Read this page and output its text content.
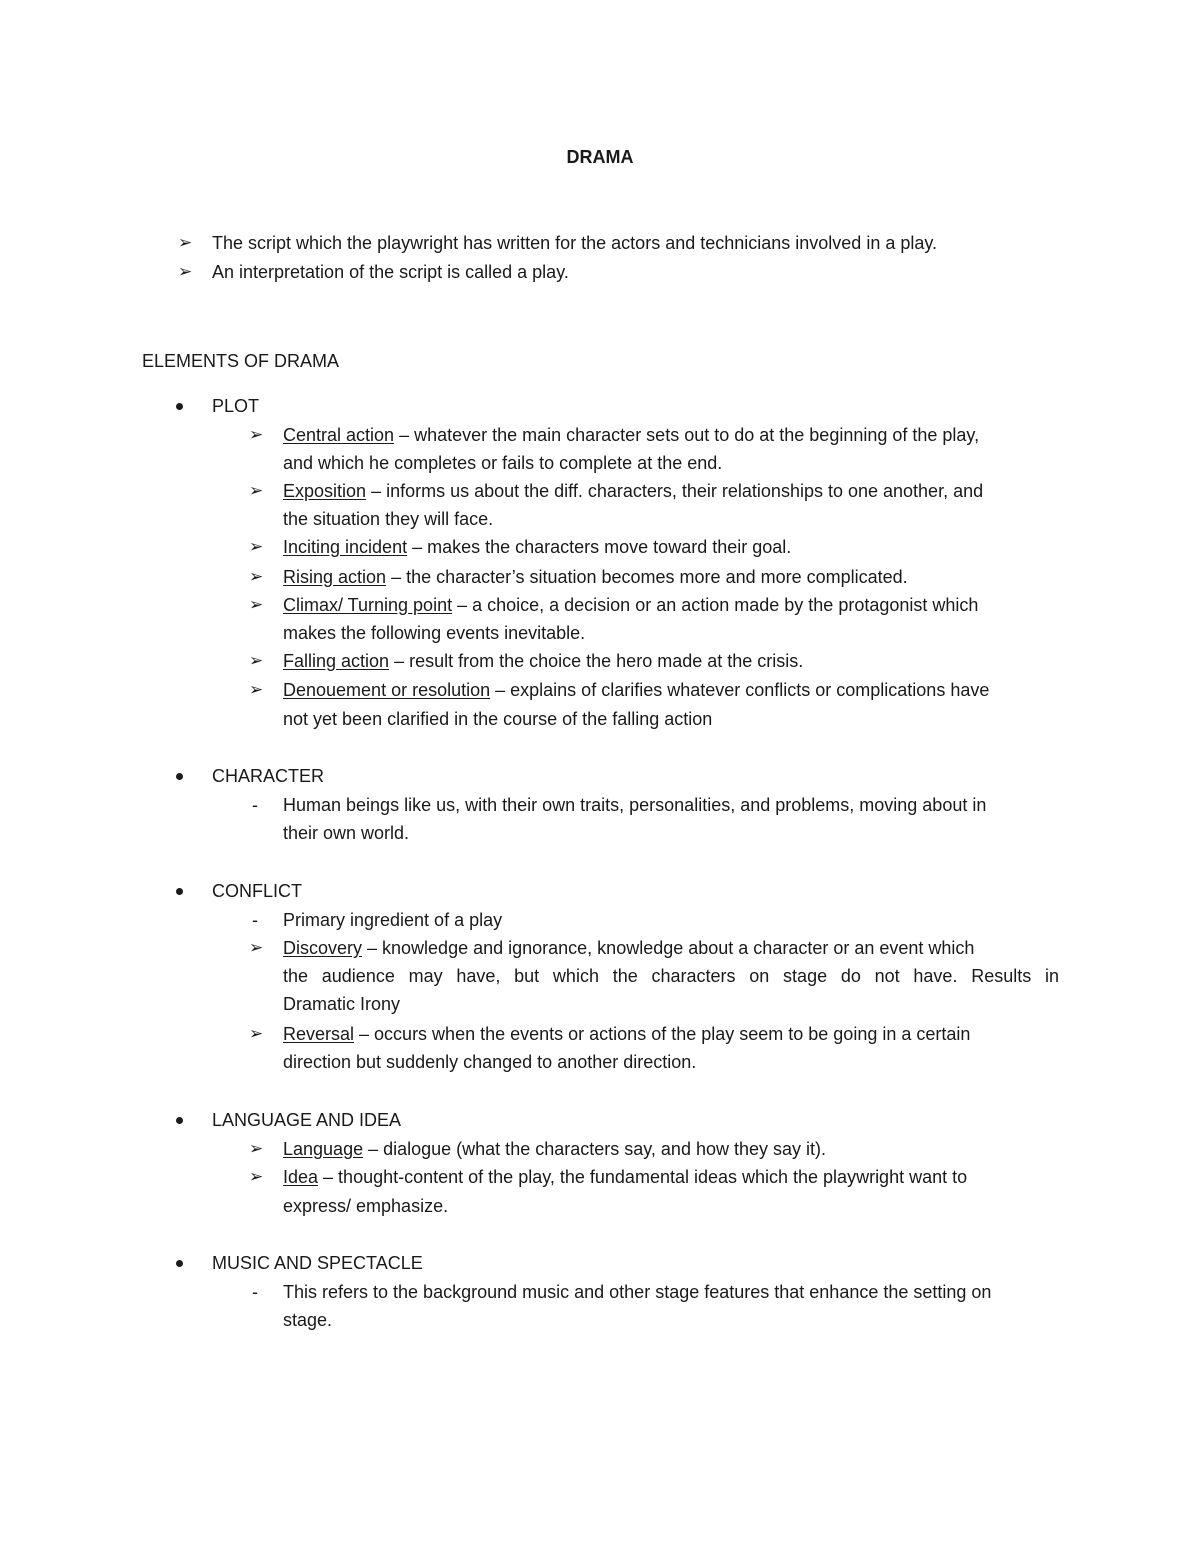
DRAMA
➢ The script which the playwright has written for the actors and technicians involved in a play.
➢ An interpretation of the script is called a play.
ELEMENTS OF DRAMA
PLOT
➢ Central action – whatever the main character sets out to do at the beginning of the play,
and which he completes or fails to complete at the end.
➢ Exposition – informs us about the diff. characters, their relationships to one another, and
the situation they will face.
➢ Inciting incident – makes the characters move toward their goal.
➢ Rising action – the character’s situation becomes more and more complicated.
➢ Climax/ Turning point – a choice, a decision or an action made by the protagonist which
makes the following events inevitable.
➢ Falling action – result from the choice the hero made at the crisis.
➢ Denouement or resolution – explains of clarifies whatever conflicts or complications have
not yet been clarified in the course of the falling action
CHARACTER
- Human beings like us, with their own traits, personalities, and problems, moving about in
their own world.
CONFLICT
- Primary ingredient of a play
➢ Discovery – knowledge and ignorance, knowledge about a character or an event which
the audience may have, but which the characters on stage do not have. Results in
Dramatic Irony
➢ Reversal – occurs when the events or actions of the play seem to be going in a certain
direction but suddenly changed to another direction.
LANGUAGE AND IDEA
➢ Language – dialogue (what the characters say, and how they say it).
➢ Idea – thought-content of the play, the fundamental ideas which the playwright want to
express/ emphasize.
MUSIC AND SPECTACLE
- This refers to the background music and other stage features that enhance the setting on
stage.
